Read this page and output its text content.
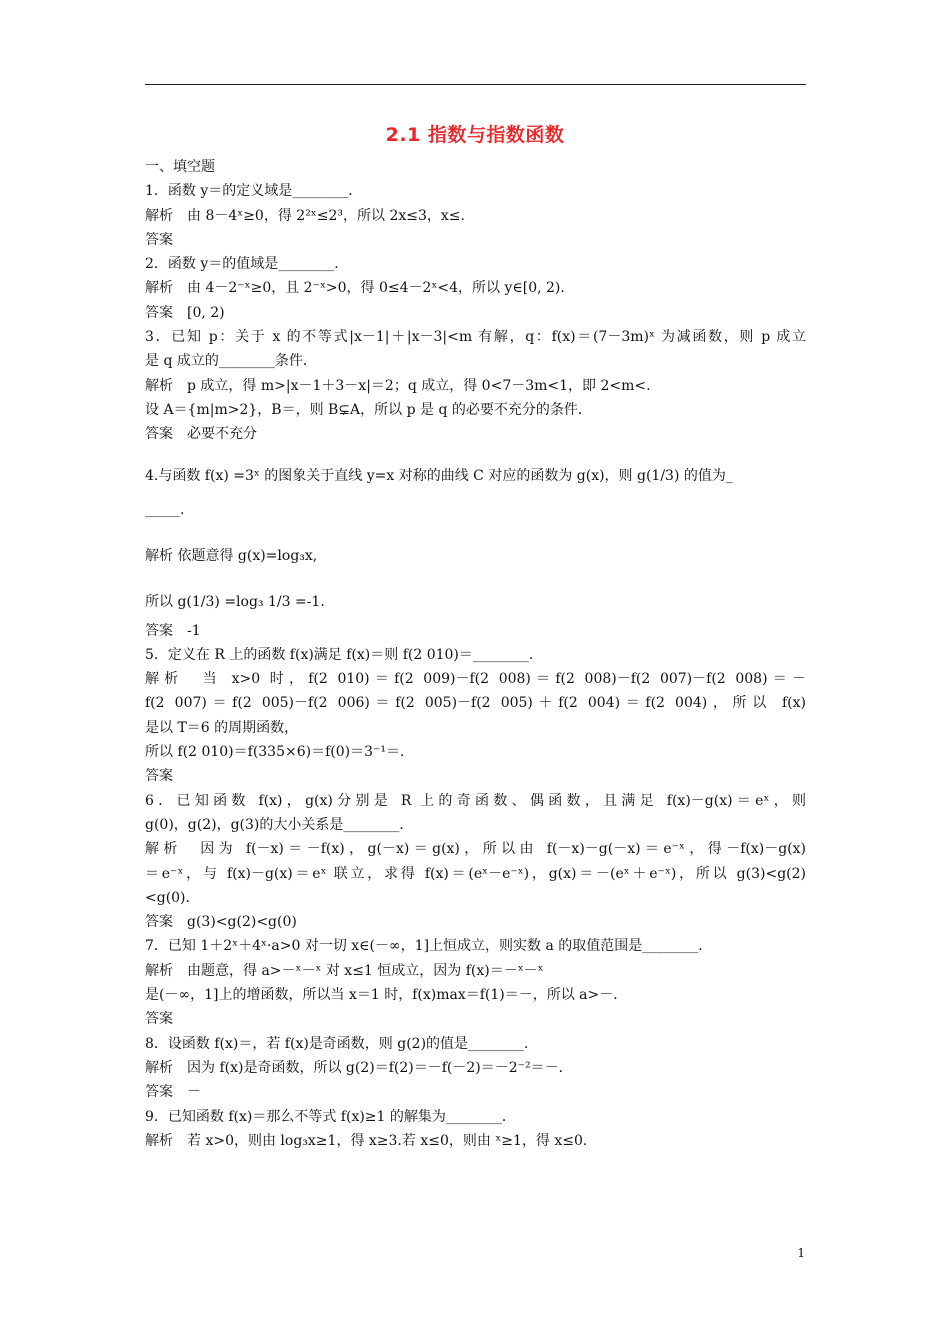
2.1 指数与指数函数
一、填空题
1．函数 y＝的定义域是________．
解析　由 8－4ˣ≥0，得 2²ˣ≤2³，所以 2x≤3，x≤.
答案
2．函数 y＝的值域是________．
解析　由 4－2⁻ˣ≥0，且 2⁻ˣ>0，得 0≤4－2ˣ<4，所以 y∈[0, 2)．
答案　[0, 2)
3．已知 p：关于 x 的不等式|x－1|＋|x－3|<m 有解，q：f(x)＝(7－3m)ˣ 为减函数，则 p 成立
是 q 成立的________条件．
解析　p 成立，得 m>|x－1＋3－x|＝2；q 成立，得 0<7－3m<1，即 2<m<.
设 A＝{m|m>2}，B＝，则 B⊊A，所以 p 是 q 的必要不充分的条件．
答案　必要不充分
4.与函数 f(x) =3ˣ 的图象关于直线 y=x 对称的曲线 C 对应的函数为 g(x)，则 g(1/3) 的值为_
_____.
解析 依题意得 g(x)=log₃x,
所以 g(1/3) =log₃ 1/3 =-1.
答案　-1
5．定义在 R 上的函数 f(x)满足 f(x)＝则 f(2 010)＝________．
解析　当 x>0 时，f(2 010)＝f(2 009)－f(2 008)＝f(2 008)－f(2 007)－f(2 008)＝－
f(2 007)＝f(2 005)－f(2 006)＝f(2 005)－f(2 005)＋f(2 004)＝f(2 004)，所以 f(x)
是以 T＝6 的周期函数，
所以 f(2 010)＝f(335×6)＝f(0)＝3⁻¹＝．
答案
6．已知函数 f(x)，g(x)分别是 R 上的奇函数、偶函数，且满足 f(x)－g(x)＝eˣ，则
g(0)，g(2)，g(3)的大小关系是________．
解析　因为 f(－x)＝－f(x)，g(－x)＝g(x)，所以由 f(－x)－g(－x)＝e⁻ˣ，得－f(x)－g(x)
＝e⁻ˣ，与 f(x)－g(x)＝eˣ 联立，求得 f(x)＝(eˣ－e⁻ˣ)，g(x)＝－(eˣ＋e⁻ˣ)，所以 g(3)<g(2)
<g(0)．
答案　g(3)<g(2)<g(0)
7．已知 1＋2ˣ＋4ˣ·a>0 对一切 x∈(－∞，1]上恒成立，则实数 a 的取值范围是________．
解析　由题意，得 a>－ˣ－ˣ 对 x≤1 恒成立，因为 f(x)＝－ˣ－ˣ
是(－∞，1]上的增函数，所以当 x＝1 时，f(x)max＝f(1)＝－，所以 a>－．
答案
8．设函数 f(x)＝，若 f(x)是奇函数，则 g(2)的值是________．
解析　因为 f(x)是奇函数，所以 g(2)＝f(2)＝－f(－2)＝－2⁻²＝－．
答案　－
9．已知函数 f(x)＝那么不等式 f(x)≥1 的解集为________．
解析　若 x>0，则由 log₃x≥1，得 x≥3.若 x≤0，则由 ˣ≥1，得 x≤0.
1
